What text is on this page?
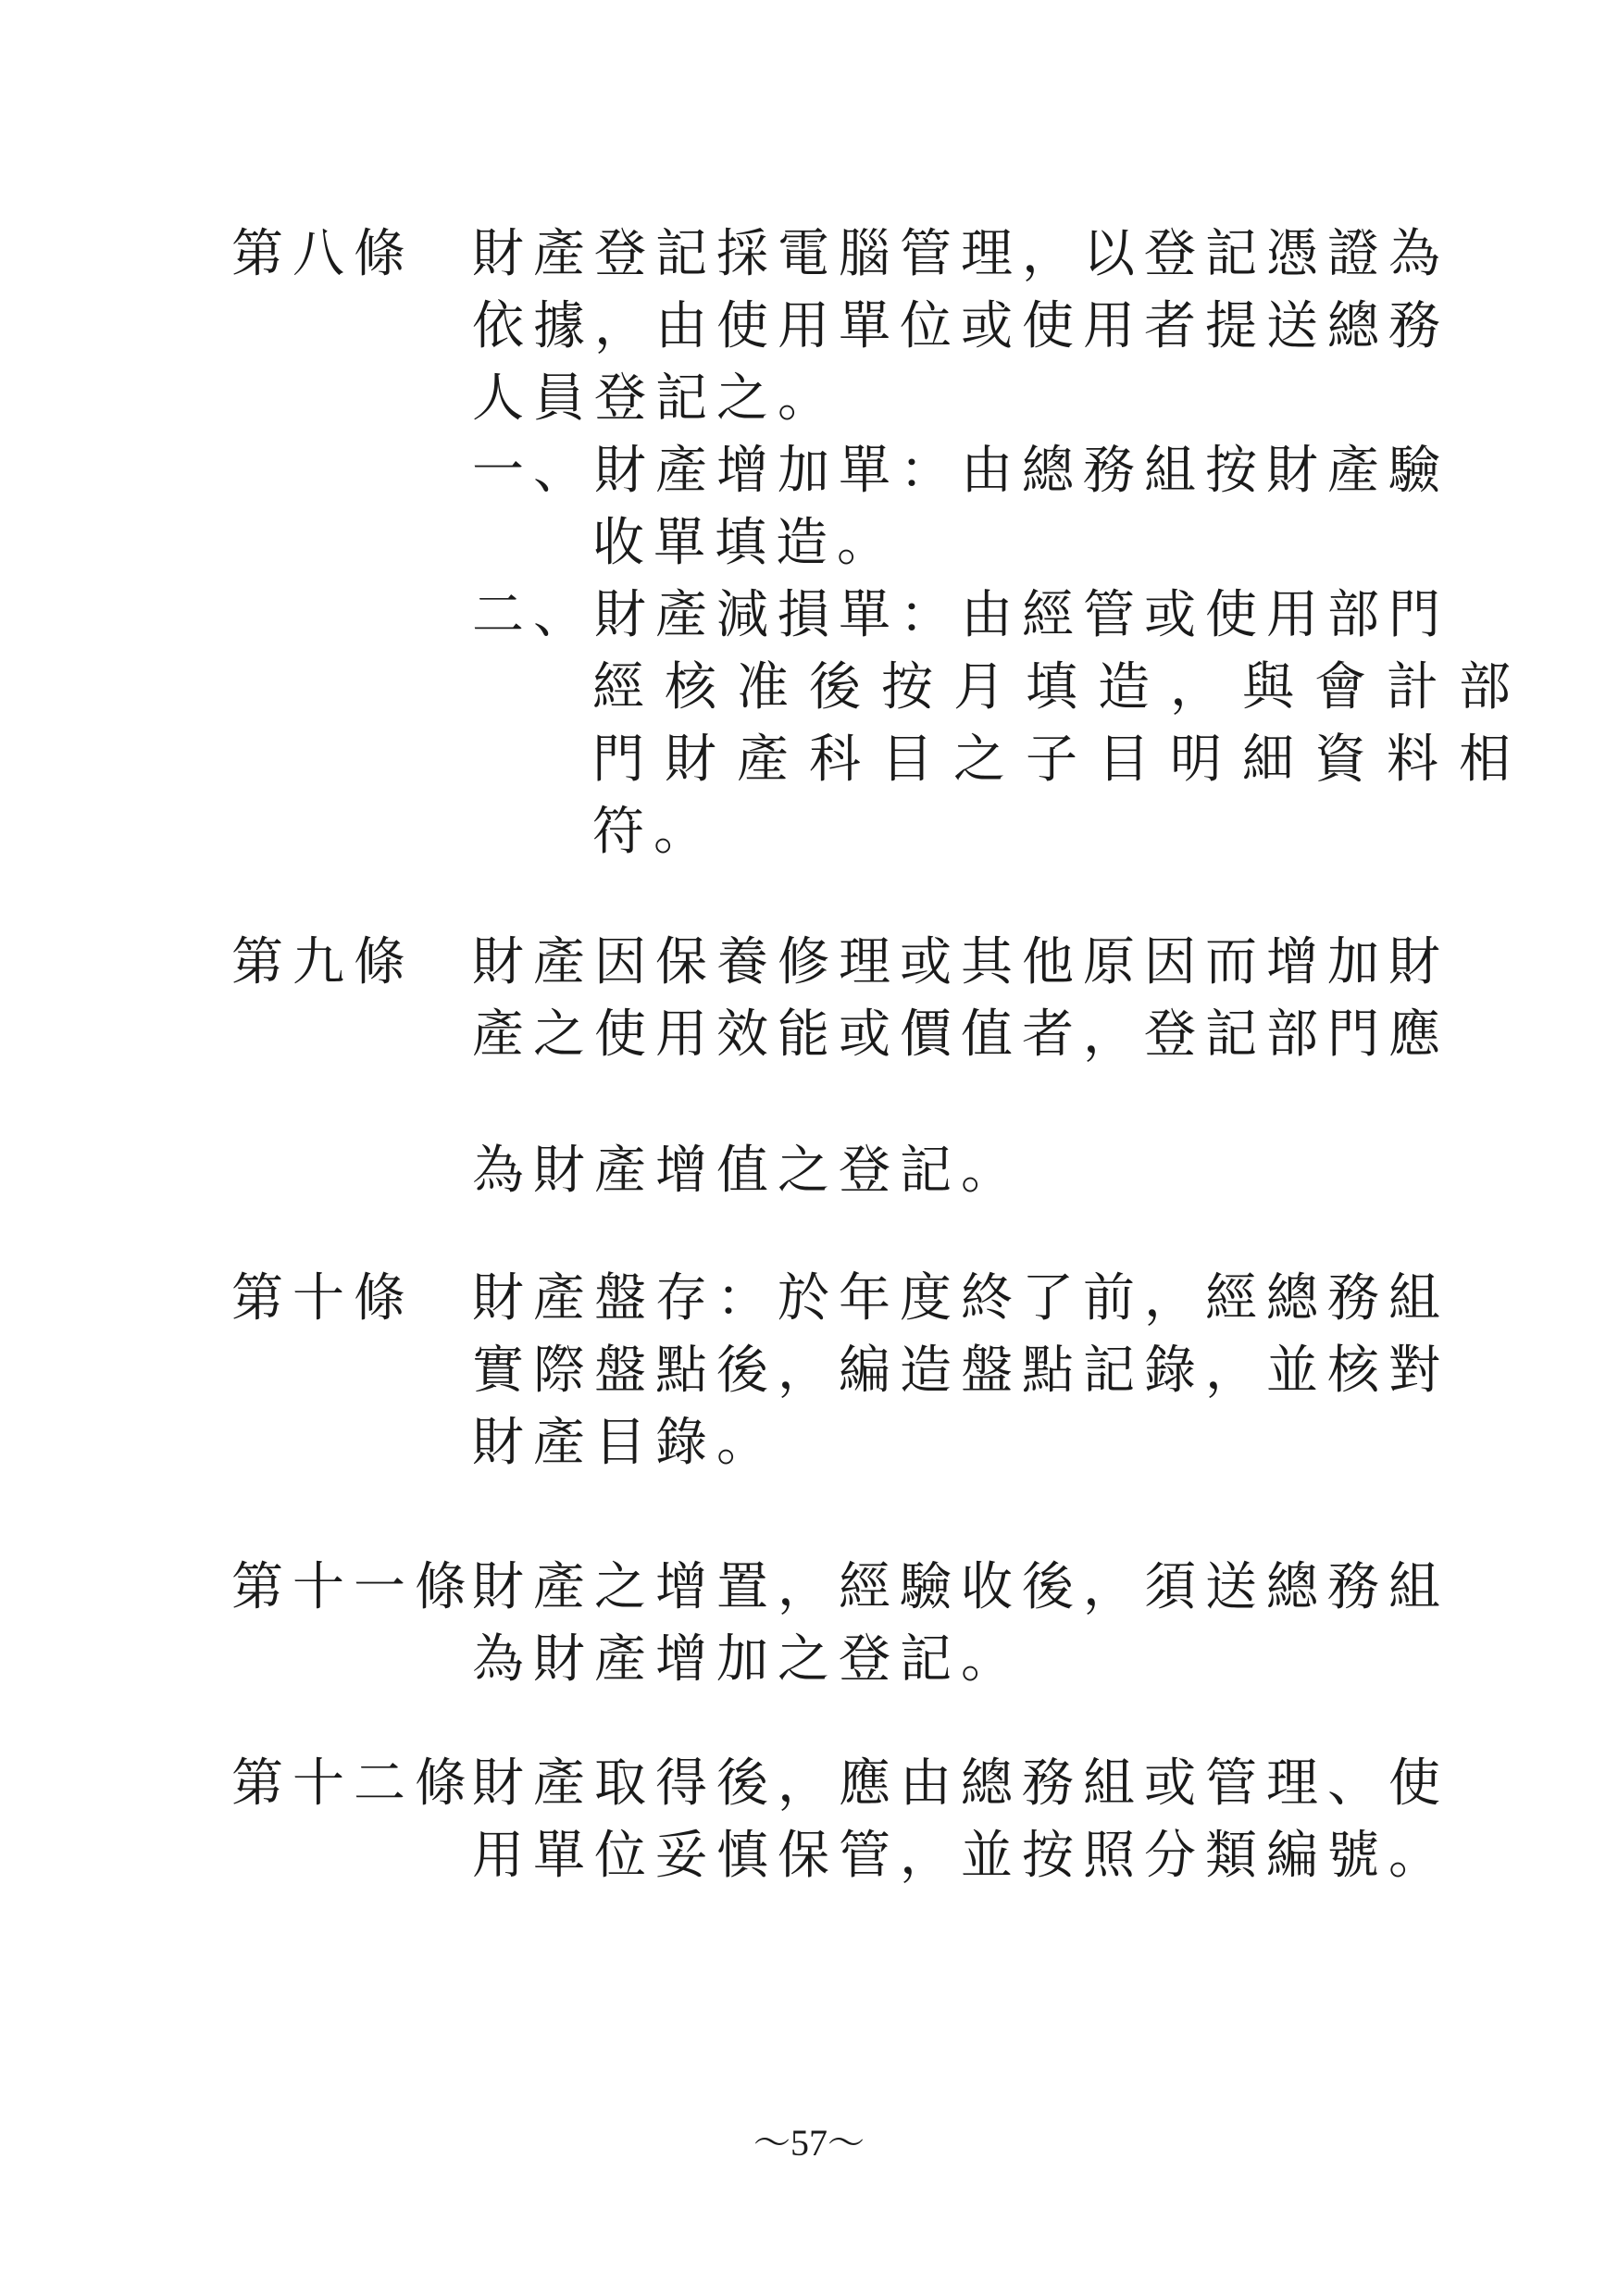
第八條 財產登記採電腦管理，以登記憑證為
依據，由使用單位或使用者提送總務
人員登記之。
一、財產增加單：由總務組按財產驗
收單填造。
二、財產減損單：由經管或使用部門
經核准後按月填造，與會計部
門財產科目之子目明細資料相
符。
第九條 財產因保養修理或其他原因而增加財
產之使用效能或價值者，登記部門應
為財產增值之登記。
第十條 財產盤存：於年度終了前，經總務組
實際盤點後，編造盤點記錄，並核對
財產目錄。
第十一條
財產之增置，經驗收後，須送總務組
為財產增加之登記。
第十二條
財產取得後，應由總務組或管理、使
用單位妥慎保管，並按照分類編號。
～57～
